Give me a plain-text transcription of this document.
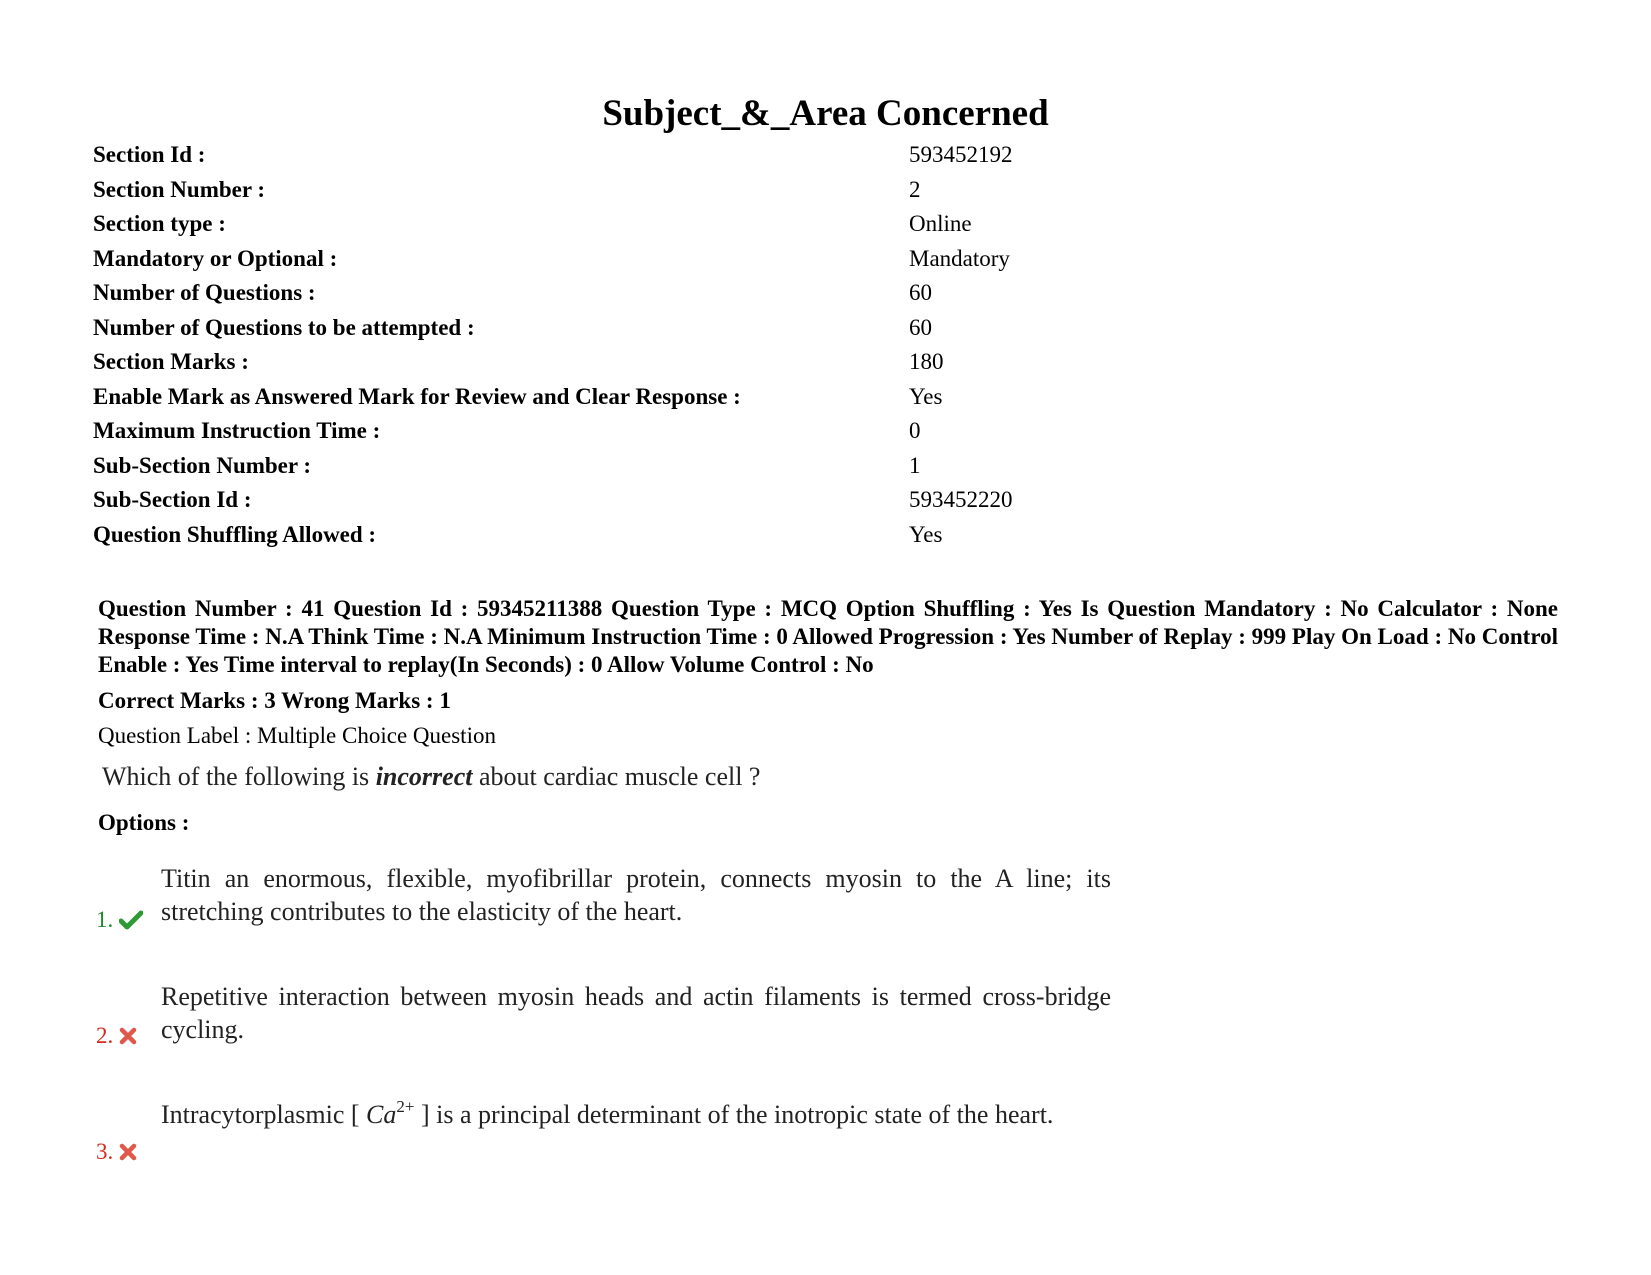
Subject_&_Area Concerned
Section Id :	593452192
Section Number :	2
Section type :	Online
Mandatory or Optional :	Mandatory
Number of Questions :	60
Number of Questions to be attempted :	60
Section Marks :	180
Enable Mark as Answered Mark for Review and Clear Response :	Yes
Maximum Instruction Time :	0
Sub-Section Number :	1
Sub-Section Id :	593452220
Question Shuffling Allowed :	Yes

Question Number : 41 Question Id : 59345211388 Question Type : MCQ Option Shuffling : Yes Is Question Mandatory : No Calculator : None Response Time : N.A Think Time : N.A Minimum Instruction Time : 0 Allowed Progression : Yes Number of Replay : 999 Play On Load : No Control Enable : Yes Time interval to replay(In Seconds) : 0 Allow Volume Control : No

Correct Marks : 3 Wrong Marks : 1
Question Label : Multiple Choice Question
Which of the following is incorrect about cardiac muscle cell ?
Options :
1.
Titin an enormous, flexible, myofibrillar protein, connects myosin to the A line; its stretching contributes to the elasticity of the heart.
2.
Repetitive interaction between myosin heads and actin filaments is termed cross-bridge cycling.
3.
Intracytorplasmic [ $Ca^{2+}$ ] is a principal determinant of the inotropic state of the heart.
